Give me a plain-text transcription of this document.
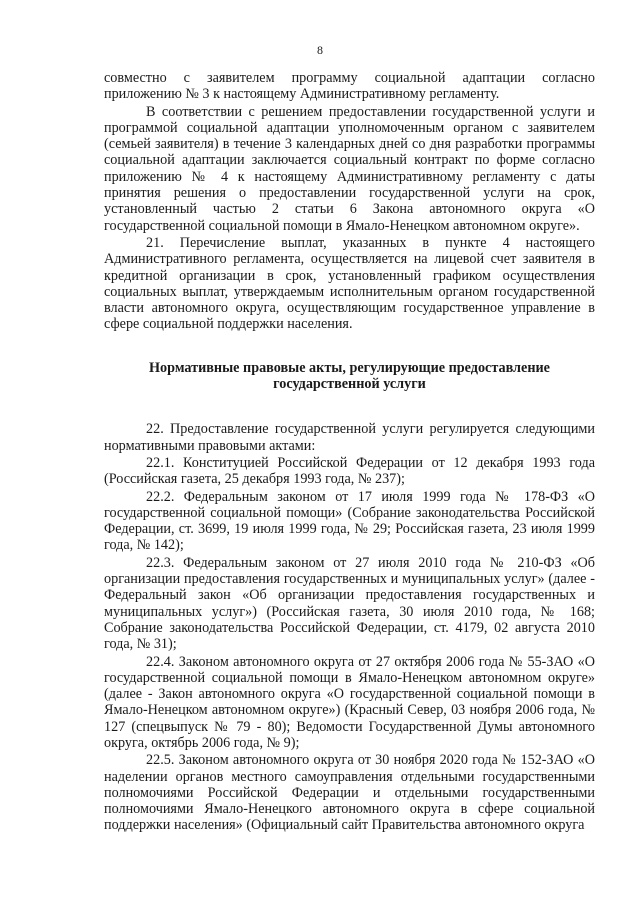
8

совместно с заявителем программу социальной адаптации согласно приложению № 3 к настоящему Административному регламенту.

В соответствии с решением предоставлении государственной услуги и программой социальной адаптации уполномоченным органом с заявителем (семьей заявителя) в течение 3 календарных дней со дня разработки программы социальной адаптации заключается социальный контракт по форме согласно приложению № 4 к настоящему Административному регламенту с даты принятия решения о предоставлении государственной услуги на срок, установленный частью 2 статьи 6 Закона автономного округа «О государственной социальной помощи в Ямало-Ненецком автономном округе».

21. Перечисление выплат, указанных в пункте 4 настоящего Административного регламента, осуществляется на лицевой счет заявителя в кредитной организации в срок, установленный графиком осуществления социальных выплат, утверждаемым исполнительным органом государственной власти автономного округа, осуществляющим государственное управление в сфере социальной поддержки населения.

Нормативные правовые акты, регулирующие предоставление
государственной услуги

22. Предоставление государственной услуги регулируется следующими нормативными правовыми актами:

22.1. Конституцией Российской Федерации от 12 декабря 1993 года (Российская газета, 25 декабря 1993 года, № 237);

22.2. Федеральным законом от 17 июля 1999 года № 178-ФЗ «О государственной социальной помощи» (Собрание законодательства Российской Федерации, ст. 3699, 19 июля 1999 года, № 29; Российская газета, 23 июля 1999 года, № 142);

22.3. Федеральным законом от 27 июля 2010 года № 210-ФЗ «Об организации предоставления государственных и муниципальных услуг» (далее - Федеральный закон «Об организации предоставления государственных и муниципальных услуг») (Российская газета, 30 июля 2010 года, № 168; Собрание законодательства Российской Федерации, ст. 4179, 02 августа 2010 года, № 31);

22.4. Законом автономного округа от 27 октября 2006 года № 55-ЗАО «О государственной социальной помощи в Ямало-Ненецком автономном округе» (далее - Закон автономного округа «О государственной социальной помощи в Ямало-Ненецком автономном округе») (Красный Север, 03 ноября 2006 года, № 127 (спецвыпуск № 79 - 80); Ведомости Государственной Думы автономного округа, октябрь 2006 года, № 9);

22.5. Законом автономного округа от 30 ноября 2020 года № 152-ЗАО «О наделении органов местного самоуправления отдельными государственными полномочиями Российской Федерации и отдельными государственными полномочиями Ямало-Ненецкого автономного округа в сфере социальной поддержки населения» (Официальный сайт Правительства автономного округа
